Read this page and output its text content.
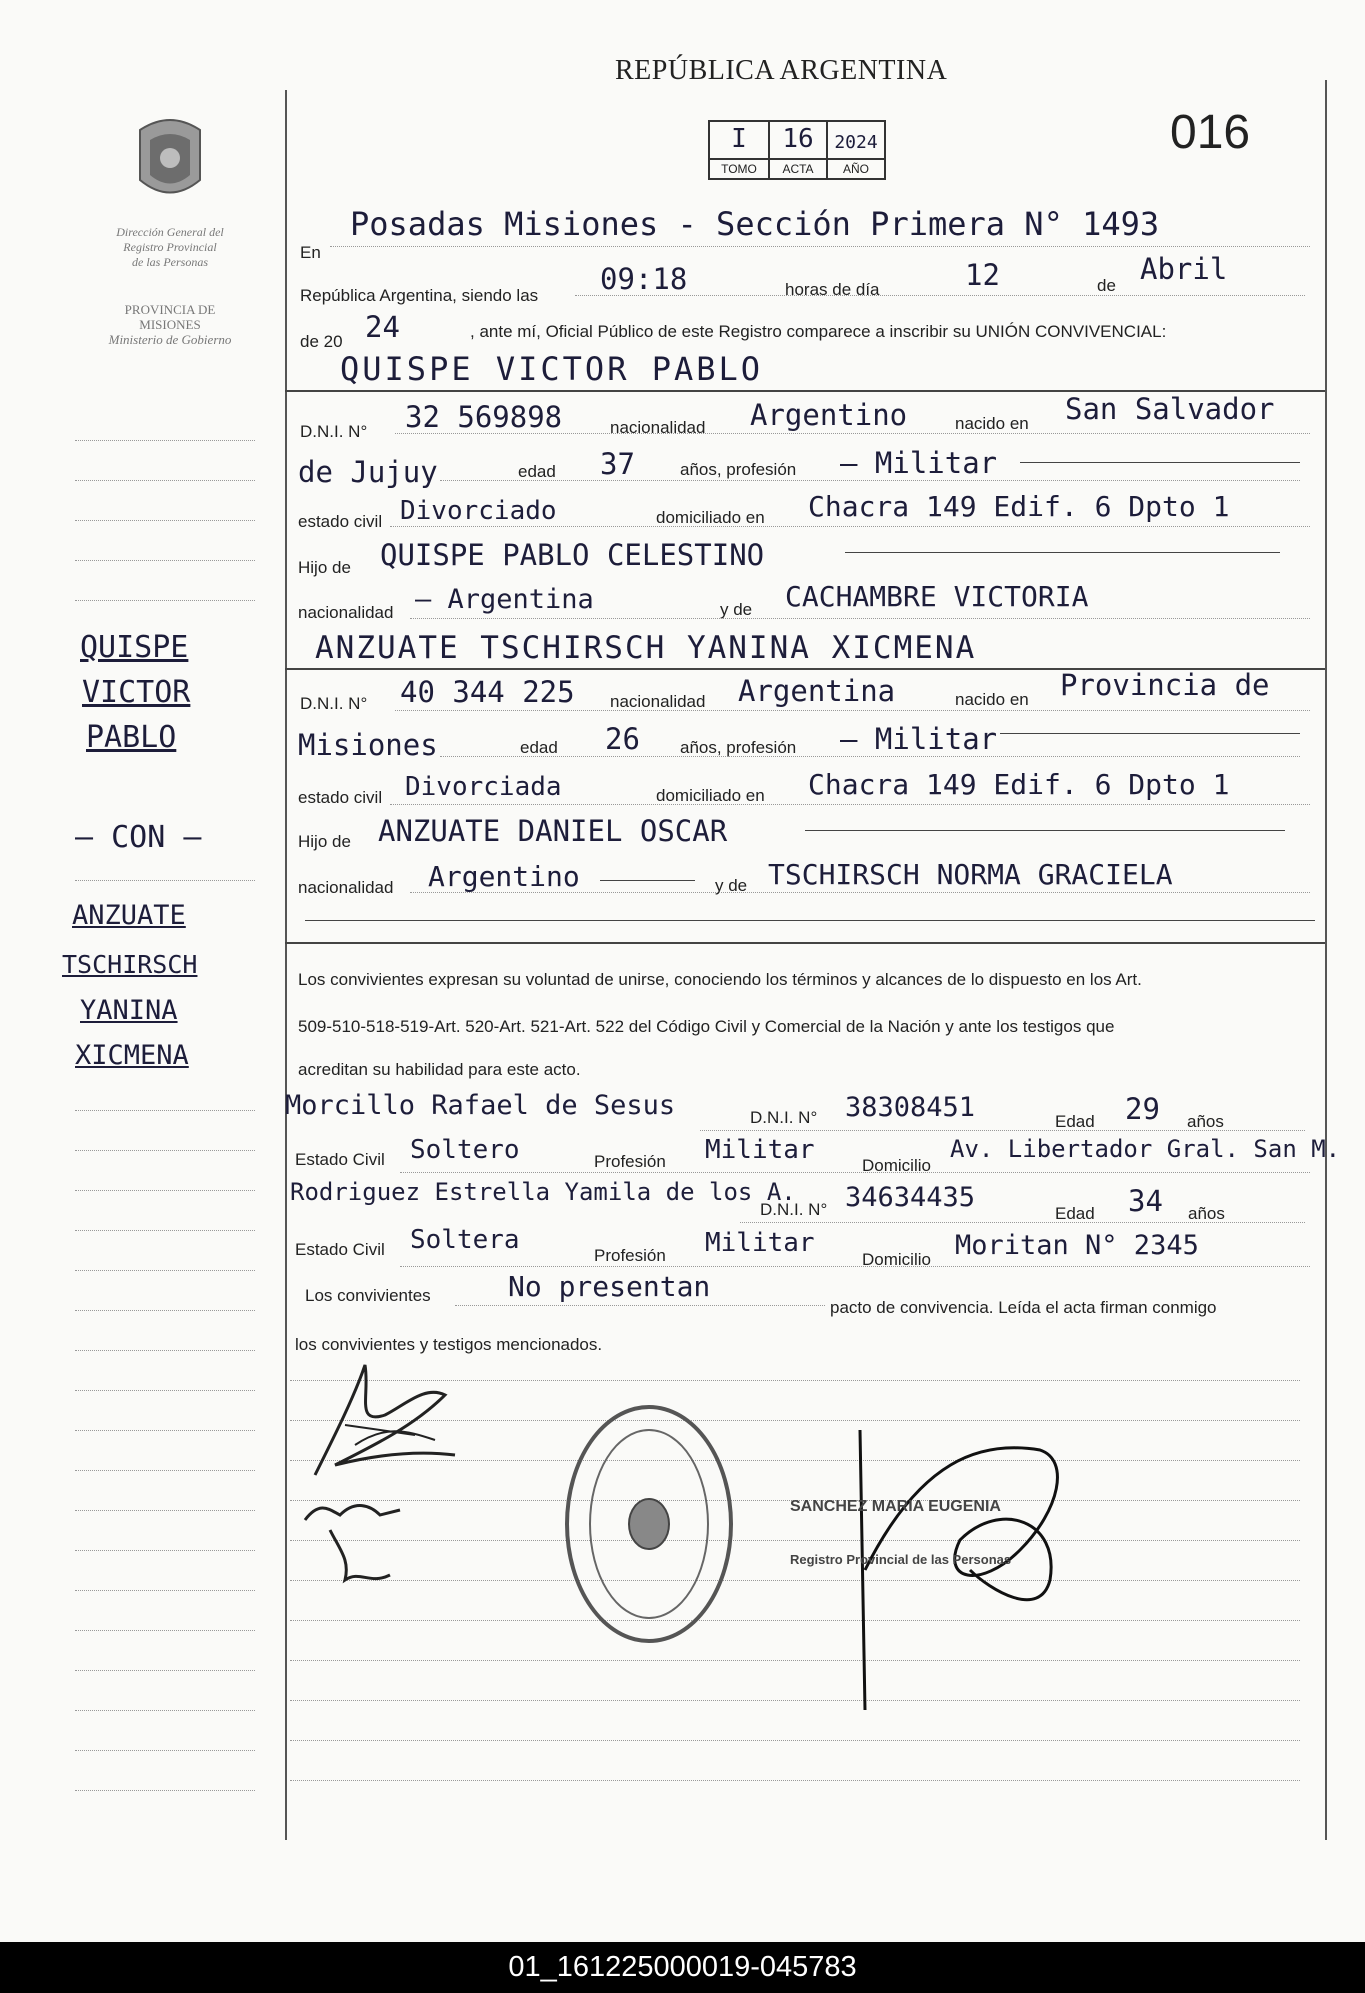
Dirección General del
Registro Provincial
de las Personas
PROVINCIA DE
MISIONES
Ministerio de Gobierno
QUISPE
VICTOR
PABLO
— CON —
ANZUATE
TSCHIRSCH
YANINA
XICMENA
REPÚBLICA ARGENTINA
016
I
TOMO
16
ACTA
2024
AÑO
En
Posadas Misiones - Sección Primera N° 1493
República Argentina, siendo las 09:18	horas de día	12	de Abril
de 20 24	, ante mí, Oficial Público de este Registro comparece a inscribir su UNIÓN CONVIVENCIAL:
QUISPE VICTOR PABLO
D.N.I. N° 32 569898	nacionalidad Argentino	nacido en San Salvador
de Jujuy	edad 37	años, profesión — Militar
estado civil Divorciado	domiciliado en Chacra 149 Edif. 6 Dpto 1
Hijo de QUISPE PABLO CELESTINO
nacionalidad — Argentina	y de CACHAMBRE VICTORIA
ANZUATE TSCHIRSCH YANINA XICMENA
D.N.I. N° 40 344 225 nacionalidad Argentina	nacido en Provincia de
Misiones	edad 26 años, profesión — Militar
estado civil Divorciada	domiciliado en Chacra 149 Edif. 6 Dpto 1
Hijo de ANZUATE DANIEL OSCAR
nacionalidad Argentino	y de TSCHIRSCH NORMA GRACIELA
Los convivientes expresan su voluntad de unirse, conociendo los términos y alcances de lo dispuesto en los Art.
509-510-518-519-Art. 520-Art. 521-Art. 522 del Código Civil y Comercial de la Nación y ante los testigos que
acreditan su habilidad para este acto.
Morcillo Rafael de Sesus	D.N.I. N° 38308451	Edad 29 años
Estado Civil Soltero	Profesión Militar
Domicilio
Av. Libertador Gral. San M.
Rodriguez Estrella Yamila de los A.
D.N.I. N° 34634435
Edad 34 años
Estado Civil Soltera
Profesión Militar
Domicilio Moritan N° 2345
Los convivientes	No presentan
pacto de convivencia. Leída el acta firman conmigo
los convivientes y testigos mencionados.
SANCHEZ MARIA EUGENIA
Registro Provincial de las Personas
01_161225000019-045783
